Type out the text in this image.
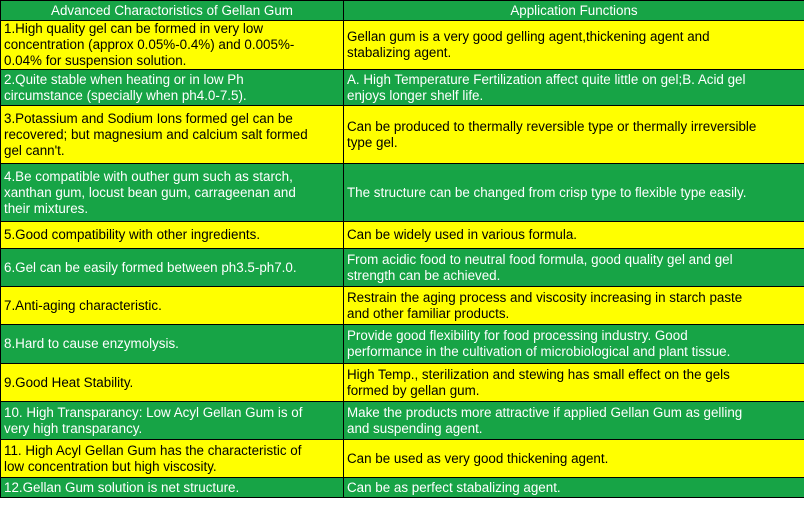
Advanced Charactoristics of Gellan Gum	Application Functions
1.High quality gel can be formed in very low
concentration (approx 0.05%-0.4%) and 0.005%-
0.04% for suspension solution.	Gellan gum is a very good gelling agent,thickening agent and
stabalizing agent.
2.Quite stable when heating or in low Ph
circumstance (specially when ph4.0-7.5).	A. High Temperature Fertilization affect quite little on gel;B. Acid gel
enjoys longer shelf life.
3.Potassium and Sodium Ions formed gel can be
recovered; but magnesium and calcium salt formed
gel cann't.	Can be produced to thermally reversible type or thermally irreversible
type gel.
4.Be compatible with outher gum such as starch,
xanthan gum, locust bean gum, carrageenan and
their mixtures.	The structure can be changed from crisp type to flexible type easily.
5.Good compatibility with other ingredients.	Can be widely used in various formula.
6.Gel can be easily formed between ph3.5-ph7.0.	From acidic food to neutral food formula, good quality gel and gel
strength can be achieved.
7.Anti-aging characteristic.	Restrain the aging process and viscosity increasing in starch paste
and other familiar products.
8.Hard to cause enzymolysis.	Provide good flexibility for food processing industry. Good
performance in the cultivation of microbiological and plant tissue.
9.Good Heat Stability.	High Temp., sterilization and stewing has small effect on the gels
formed by gellan gum.
10. High Transparancy: Low Acyl Gellan Gum is of
very high transparancy.	Make the products more attractive if applied Gellan Gum as gelling
and suspending agent.
11. High Acyl Gellan Gum has the characteristic of
low concentration but high viscosity.	Can be used as very good thickening agent.
12.Gellan Gum solution is net structure.	Can be as perfect stabalizing agent.
